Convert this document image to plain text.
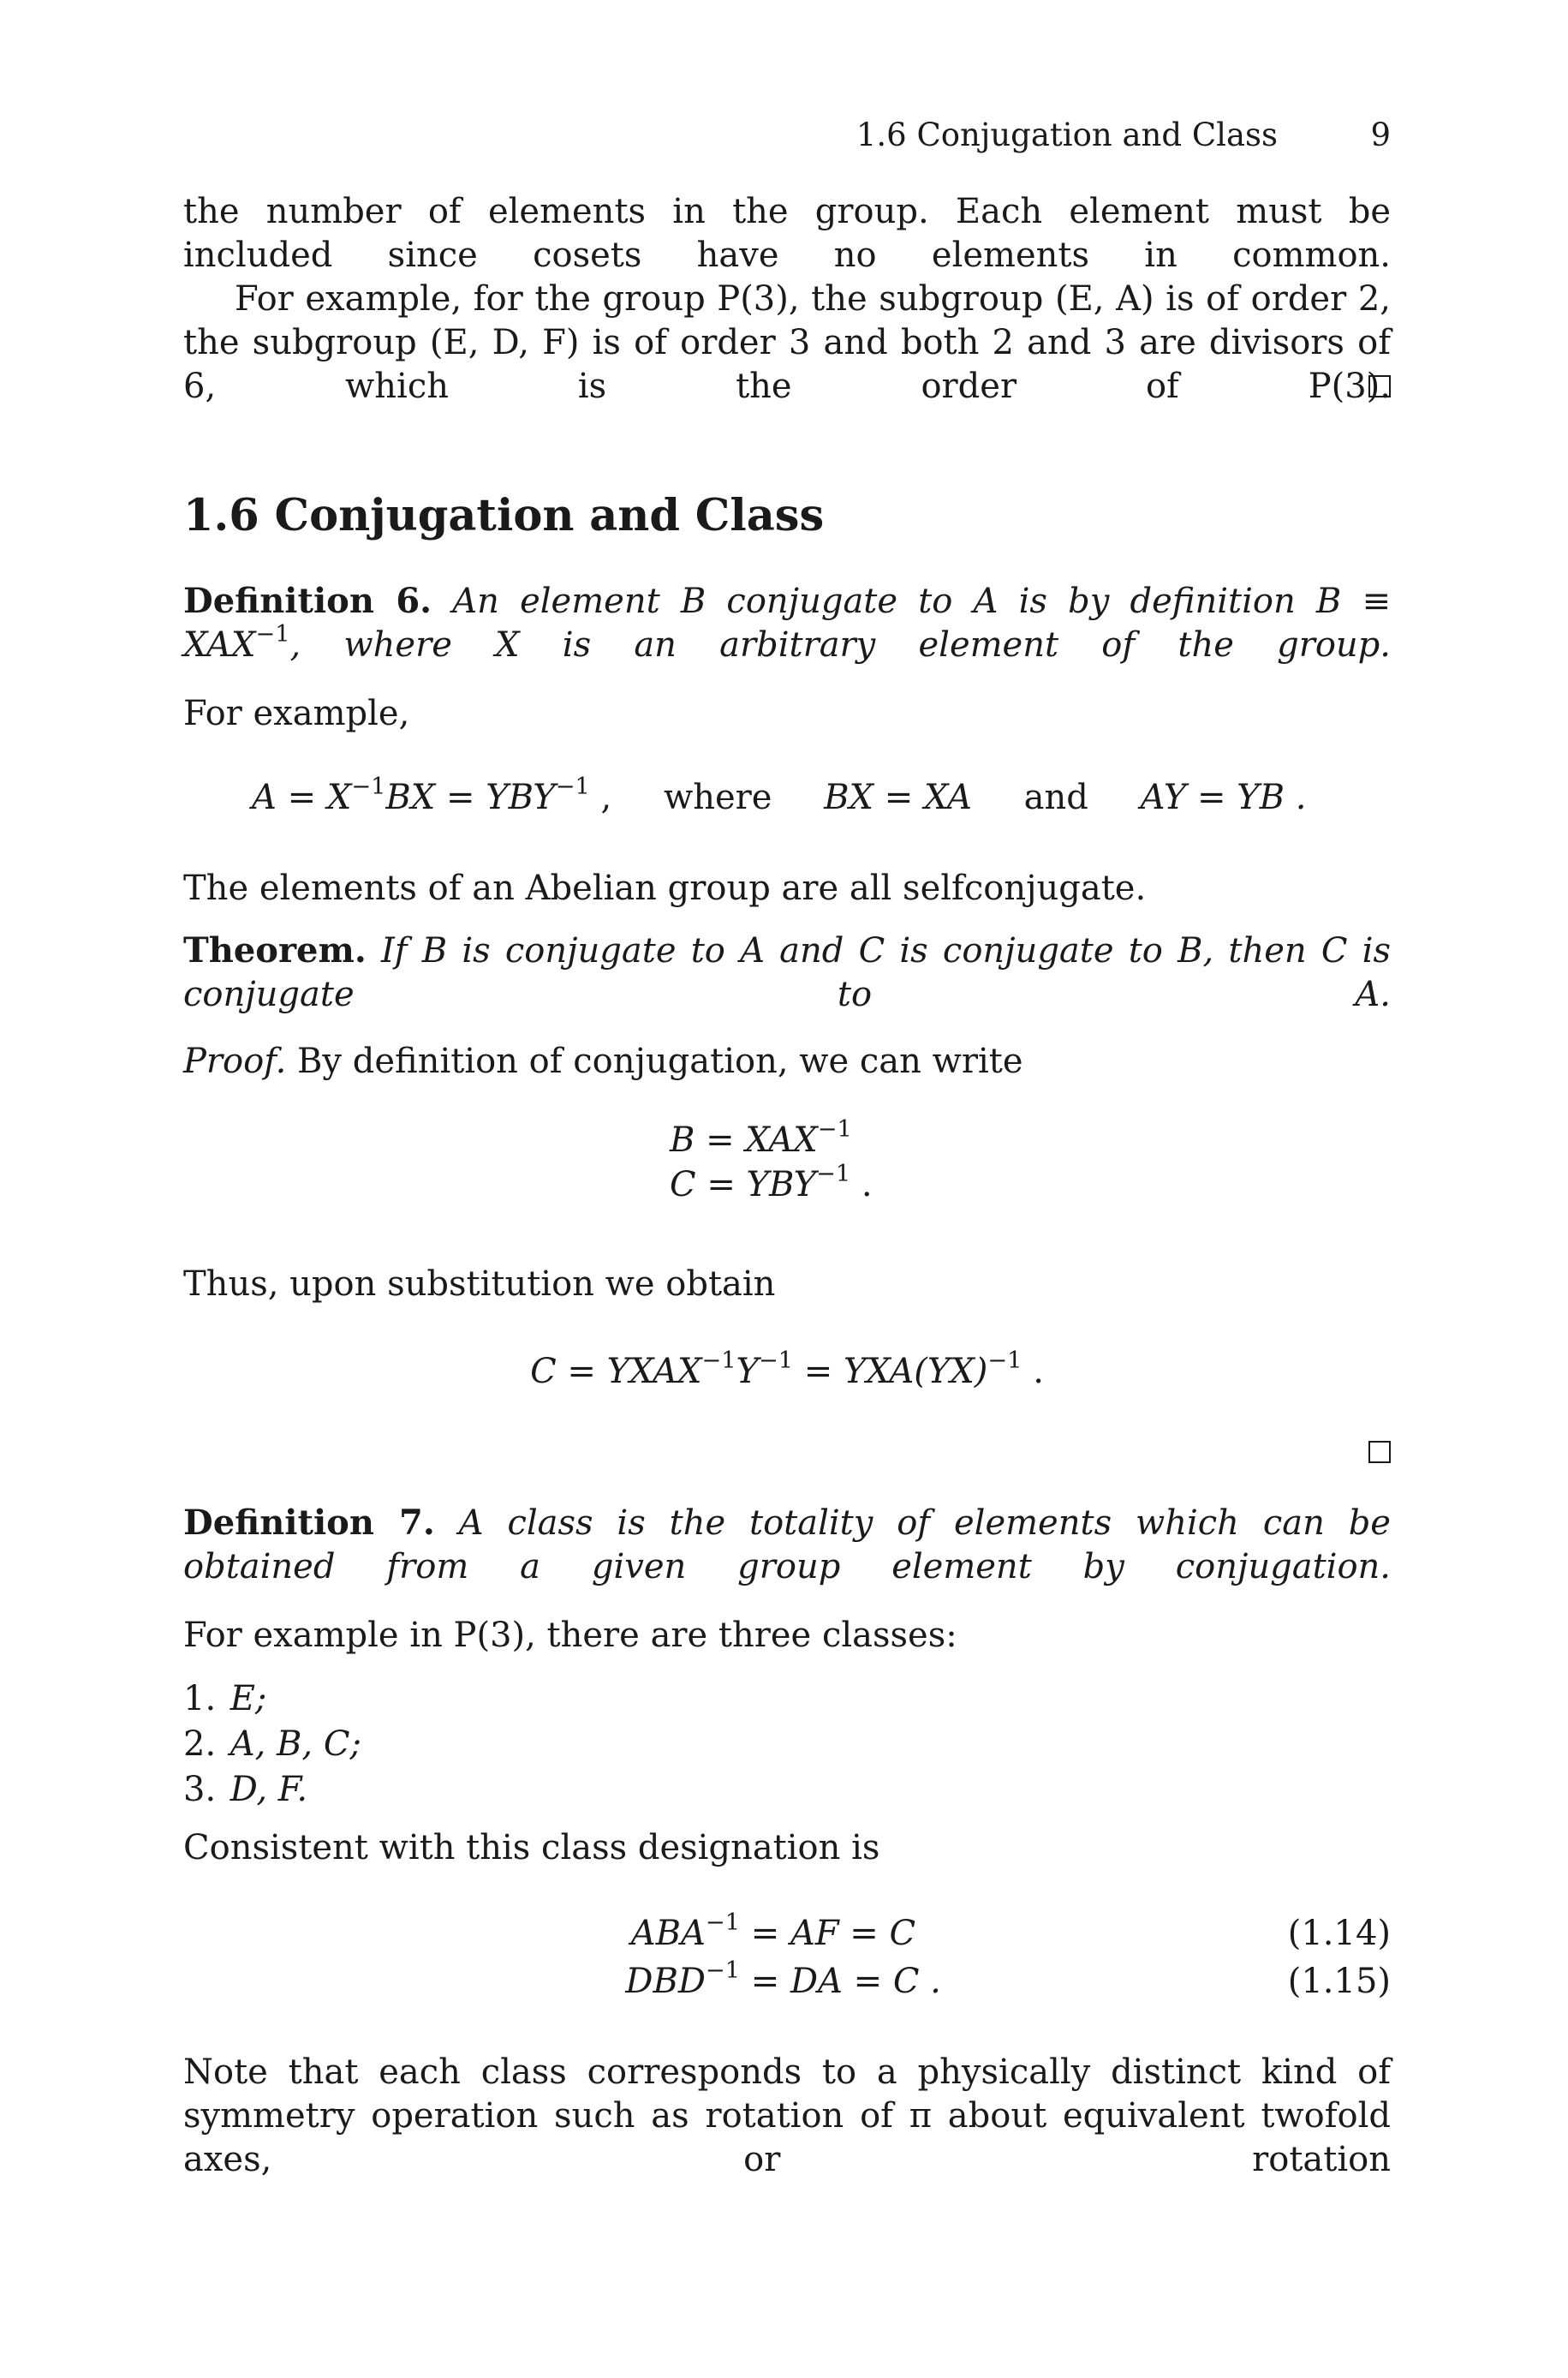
1.6 Conjugation and Class	9
the number of elements in the group. Each element must be included since cosets have no elements in common.
For example, for the group P(3), the subgroup (E, A) is of order 2, the subgroup (E, D, F) is of order 3 and both 2 and 3 are divisors of 6, which is the order of P(3).
1.6 Conjugation and Class
Definition 6. An element B conjugate to A is by definition $B \equiv XAX^{-1}$, where X is an arbitrary element of the group.
For example,
$A = X^{-1}BX = YBY^{-1}$ , where BX = XA and AY = YB .
The elements of an Abelian group are all selfconjugate.
Theorem. If B is conjugate to A and C is conjugate to B, then C is conjugate to A.
Proof. By definition of conjugation, we can write
$B = XAX^{-1}$
$C = YBY^{-1}$ .
Thus, upon substitution we obtain
$C = YXAX^{-1}Y^{-1} = YXA(YX)^{-1}$ .
Definition 7. A class is the totality of elements which can be obtained from a given group element by conjugation.
For example in P(3), there are three classes:
1. E;
2. A, B, C;
3. D, F.
Consistent with this class designation is
$ABA^{-1}$ = AF = C	(1.14)
$DBD^{-1}$ = DA = C .	(1.15)
Note that each class corresponds to a physically distinct kind of symmetry operation such as rotation of π about equivalent twofold axes, or rotation
